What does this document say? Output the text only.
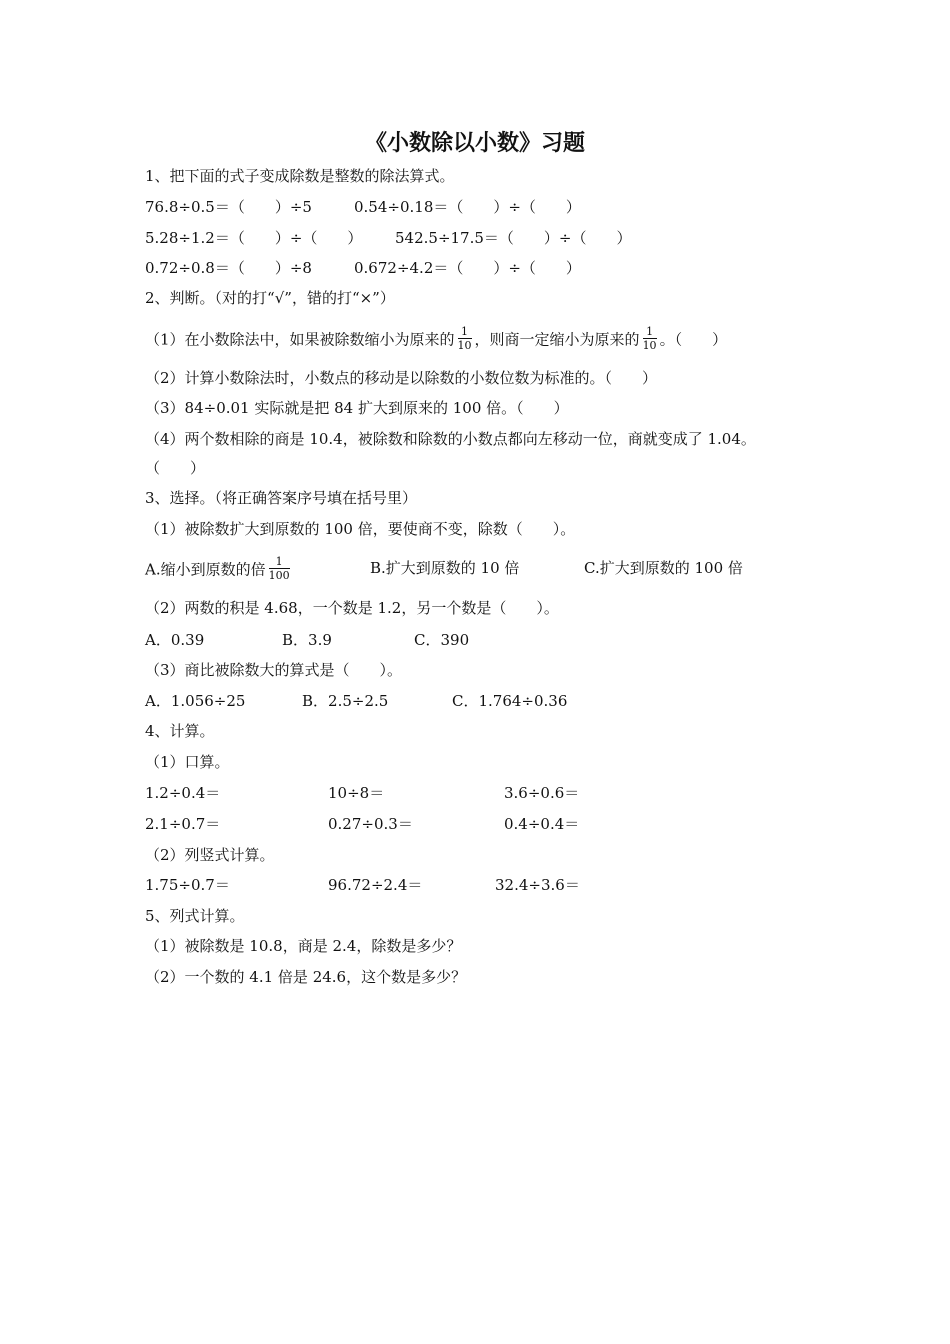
《小数除以小数》习题
1、把下面的式子变成除数是整数的除法算式。
76.8÷0.5＝（　　）÷5	0.54÷0.18＝（　　）÷（　　）
5.28÷1.2＝（　　）÷（　　） 542.5÷17.5＝（　　）÷（　　）
0.72÷0.8＝（　　）÷8	0.672÷4.2＝（　　）÷（　　）
2、判断。（对的打“√”，错的打“×”）
（1）在小数除法中，如果被除数缩小为原来的 $\frac{1}{10}$ ，则商一定缩小为原来的 $\frac{1}{10}$ 。（　　）
（2）计算小数除法时，小数点的移动是以除数的小数位数为标准的。（　　）
（3）84÷0.01 实际就是把 84 扩大到原来的 100 倍。（　　）
（4）两个数相除的商是 10.4，被除数和除数的小数点都向左移动一位，商就变成了 1.04。
（　　）
3、选择。（将正确答案序号填在括号里）
（1）被除数扩大到原数的 100 倍，要使商不变，除数（　　）。
A.缩小到原数的倍 $\frac{1}{100}$	B.扩大到原数的 10 倍	C.扩大到原数的 100 倍
（2）两数的积是 4.68，一个数是 1.2，另一个数是（　　）。
A．0.39	B．3.9	C．390
（3）商比被除数大的算式是（　　）。
A．1.056÷25	B．2.5÷2.5	C．1.764÷0.36
4、计算。
（1）口算。
1.2÷0.4＝	10÷8＝	3.6÷0.6＝
2.1÷0.7＝	0.27÷0.3＝	0.4÷0.4＝
（2）列竖式计算。
1.75÷0.7＝	96.72÷2.4＝	32.4÷3.6＝
5、列式计算。
（1）被除数是 10.8，商是 2.4，除数是多少？
（2）一个数的 4.1 倍是 24.6，这个数是多少？
